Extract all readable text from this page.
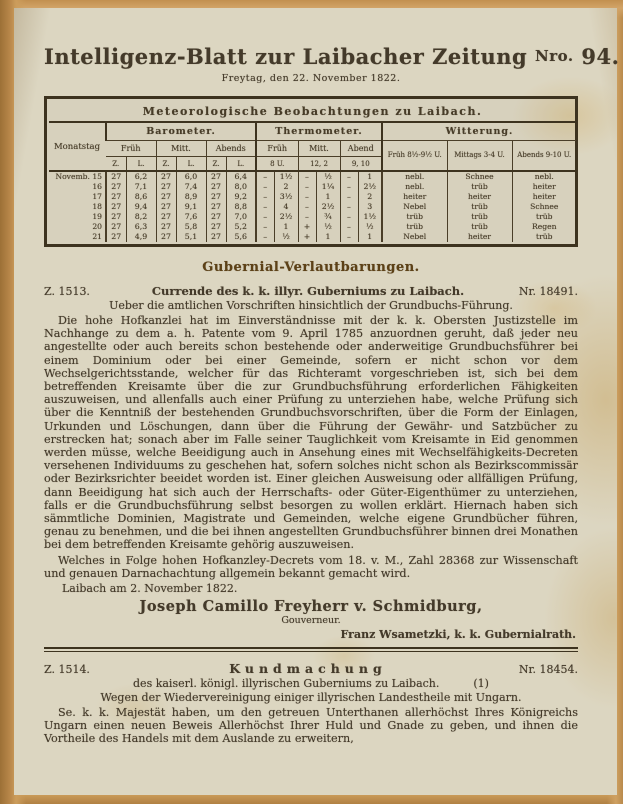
Intelligenz-Blatt zur Laibacher Zeitung Nro. 94.
Freytag, den 22. November 1822.
Meteorologische Beobachtungen zu Laibach.															
Monatstag	Barometer.						Thermometer.						Witterung.		
	Früh		Mitt.		Abends		Früh		Mitt.		Abend		Früh 8½-9½ U.	Mittags 3-4 U.	Abends 9-10 U.
	Z.	L.	Z.	L.	Z.	L.	8 U.		12, 2		9, 10				
Novemb. 15	27	6,2	27	6,0	27	6,4	–	1½	–	½	–	1	nebl.	Schnee	nebl.
16	27	7,1	27	7,4	27	8,0	–	2	–	1¼	–	2½	nebl.	trüb	heiter
17	27	8,6	27	8,9	27	9,2	–	3½	–	1	–	2	heiter	heiter	heiter
18	27	9,4	27	9,1	27	8,8	–	4	–	2½	–	3	Nebel	trüb	Schnee
19	27	8,2	27	7,6	27	7,0	–	2½	–	¾	–	1½	trüb	trüb	trüb
20	27	6,3	27	5,8	27	5,2	–	1	+	½	–	½	trüb	trüb	Regen
21	27	4,9	27	5,1	27	5,6	–	½	+	1	–	1	Nebel	heiter	trüb
Gubernial-Verlautbarungen.
Z. 1513.	Currende des k. k. illyr. Guberniums zu Laibach.	Nr. 18491.
Ueber die amtlichen Vorschriften hinsichtlich der Grundbuchs-Führung.

Die hohe Hofkanzlei hat im Einverständnisse mit der k. k. Obersten Justizstelle im Nachhange zu dem a. h. Patente vom 9. April 1785 anzuordnen geruht, daß jeder neu angestellte oder auch bereits schon bestehende oder anderweitige Grundbuchsführer bei einem Dominium oder bei einer Gemeinde, sofern er nicht schon vor dem Wechselgerichtsstande, welcher für das Richteramt vorgeschrieben ist, sich bei dem betreffenden Kreisamte über die zur Grundbuchsführung erforderlichen Fähigkeiten auszuweisen, und allenfalls auch einer Prüfung zu unterziehen habe, welche Prüfung sich über die Kenntniß der bestehenden Grundbuchsvorschriften, über die Form der Einlagen, Urkunden und Löschungen, dann über die Führung der Gewähr- und Satzbücher zu erstrecken hat; sonach aber im Falle seiner Tauglichkeit vom Kreisamte in Eid genommen werden müsse, welche Beeidigung auch in Ansehung eines mit Wechselfähigkeits-Decreten versehenen Individuums zu geschehen hat, sofern solches nicht schon als Bezirkscommissär oder Bezirksrichter beeidet worden ist. Einer gleichen Ausweisung oder allfälligen Prüfung, dann Beeidigung hat sich auch der Herrschafts- oder Güter-Eigenthümer zu unterziehen, falls er die Grundbuchsführung selbst besorgen zu wollen erklärt. Hiernach haben sich sämmtliche Dominien, Magistrate und Gemeinden, welche eigene Grundbücher führen, genau zu benehmen, und die bei ihnen angestellten Grundbuchsführer binnen drei Monathen bei dem betreffenden Kreisamte gehörig auszuweisen.

Welches in Folge hohen Hofkanzley-Decrets vom 18. v. M., Zahl 28368 zur Wissenschaft und genauen Darnachachtung allgemein bekannt gemacht wird.

Laibach am 2. November 1822.
Joseph Camillo Freyherr v. Schmidburg,
Gouverneur.
Franz Wsametzki, k. k. Gubernialrath.
Z. 1514.	Kundmachung	Nr. 18454.
des kaiserl. königl. illyrischen Guberniums zu Laibach.	(1)
Wegen der Wiedervereinigung einiger illyrischen Landestheile mit Ungarn.

Se. k. k. Majestät haben, um den getreuen Unterthanen allerhöchst Ihres Königreichs Ungarn einen neuen Beweis Allerhöchst Ihrer Huld und Gnade zu geben, und ihnen die Vortheile des Handels mit dem Auslande zu erweitern,
